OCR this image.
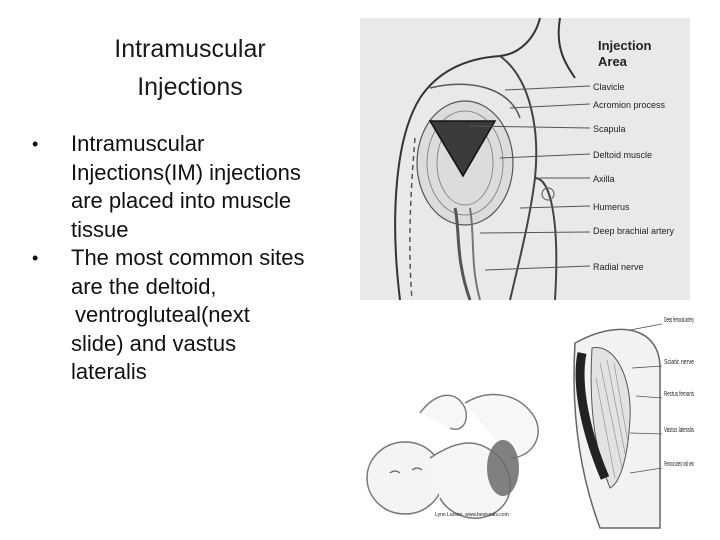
Intramuscular
Injections
•	Intramuscular
Injections(IM) injections
are placed into muscle
tissue
•	The most common sites
are the deltoid,
ventrogluteal(next
slide) and vastus
lateralis
Injection
Area
Clavicle
Acromion process
Scapula
Deltoid muscle
Axilla
Humerus
Deep brachial artery
Radial nerve
Deep femoral artery
Sciatic nerve
Rectus femoris
Vastus lateralis
Femoral artery and vein
Lynn Larson, www.bevisoals.com
